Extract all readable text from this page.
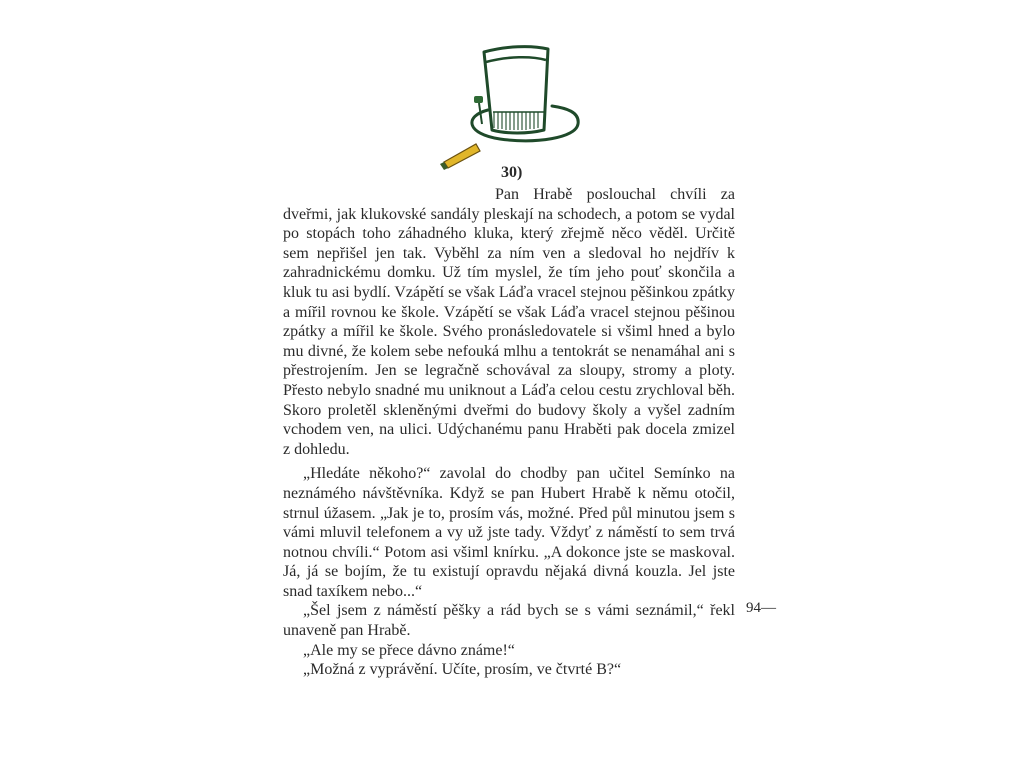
30)

Pan Hrabě poslouchal chvíli za dveřmi, jak klukovské sandály pleskají na schodech, a potom se vydal po stopách toho záhadného kluka, který zřejmě něco věděl. Určitě sem nepřišel jen tak. Vyběhl za ním ven a sledoval ho nejdřív k zahradnickému domku. Už tím myslel, že tím jeho pouť skončila a kluk tu asi bydlí. Vzápětí se však Láďa vracel stejnou pěšinkou zpátky a mířil rovnou ke škole. Vzápětí se však Láďa vracel stejnou pěšinou zpátky a mířil ke škole. Svého pronásledovatele si všiml hned a bylo mu divné, že kolem sebe nefouká mlhu a tentokrát se nenamáhal ani s přestrojením. Jen se legračně schovával za sloupy, stromy a ploty. Přesto nebylo snadné mu uniknout a Láďa celou cestu zrychloval běh. Skoro proletěl skleněnými dveřmi do budovy školy a vyšel zadním vchodem ven, na ulici. Udýchanému panu Hraběti pak docela zmizel z dohledu.

„Hledáte někoho?“ zavolal do chodby pan učitel Semínko na neznámého návštěvníka. Když se pan Hubert Hrabě k němu otočil, strnul úžasem. „Jak je to, prosím vás, možné. Před půl minutou jsem s vámi mluvil telefonem a vy už jste tady. Vždyť z náměstí to sem trvá notnou chvíli.“ Potom asi všiml knírku. „A dokonce jste se maskoval. Já, já se bojím, že tu existují opravdu nějaká divná kouzla. Jel jste snad taxíkem nebo...“

„Šel jsem z náměstí pěšky a rád bych se s vámi seznámil,“ řekl unaveně pan Hrabě.

„Ale my se přece dávno známe!“

„Možná z vyprávění. Učíte, prosím, ve čtvrté B?“

94—
